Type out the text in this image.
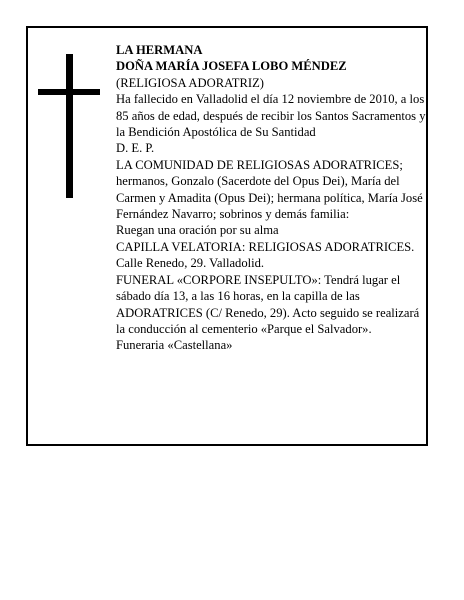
LA HERMANA

DOÑA MARÍA JOSEFA LOBO MÉNDEZ

(RELIGIOSA ADORATRIZ)

Ha fallecido en Valladolid el día 12 noviembre de 2010, a los 85 años de edad, después de recibir los Santos Sacramentos y la Bendición Apostólica de Su Santidad

D. E. P.

LA COMUNIDAD DE RELIGIOSAS ADORATRICES; hermanos, Gonzalo (Sacerdote del Opus Dei), María del Carmen y Amadita (Opus Dei); hermana política, María José Fernández Navarro; sobrinos y demás familia:

Ruegan una oración por su alma

CAPILLA VELATORIA: RELIGIOSAS ADORATRICES. Calle Renedo, 29. Valladolid.

FUNERAL «CORPORE INSEPULTO»: Tendrá lugar el sábado día 13, a las 16 horas, en la capilla de las ADORATRICES (C/ Renedo, 29). Acto seguido se realizará la conducción al cementerio «Parque el Salvador».

Funeraria «Castellana»
